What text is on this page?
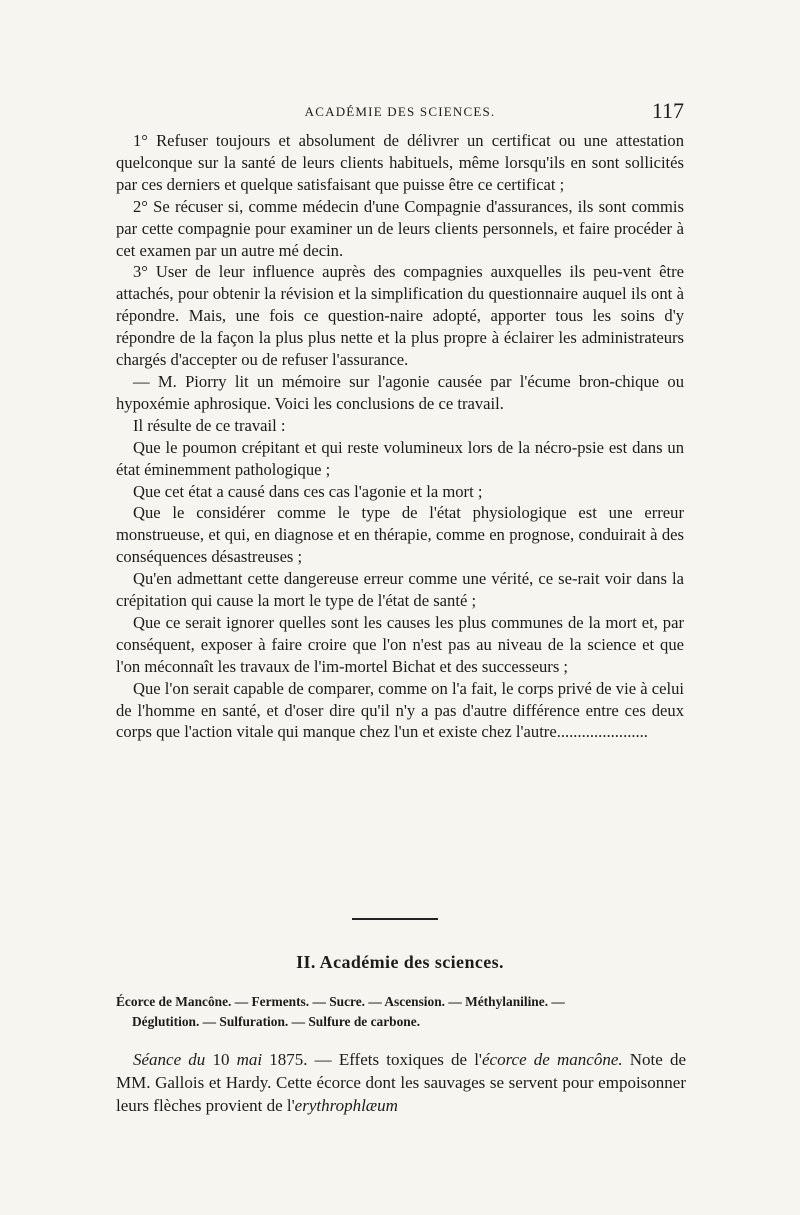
ACADÉMIE DES SCIENCES.	117

1° Refuser toujours et absolument de délivrer un certificat ou une attestation quelconque sur la santé de leurs clients habituels, même lorsqu'ils en sont sollicités par ces derniers et quelque satisfaisant que puisse être ce certificat ;

2° Se récuser si, comme médecin d'une Compagnie d'assurances, ils sont commis par cette compagnie pour examiner un de leurs clients personnels, et faire procéder à cet examen par un autre mé decin.

3° User de leur influence auprès des compagnies auxquelles ils peu-vent être attachés, pour obtenir la révision et la simplification du questionnaire auquel ils ont à répondre. Mais, une fois ce question-naire adopté, apporter tous les soins d'y répondre de la façon la plus plus nette et la plus propre à éclairer les administrateurs chargés d'accepter ou de refuser l'assurance.

— M. Piorry lit un mémoire sur l'agonie causée par l'écume bron-chique ou hypoxémie aphrosique. Voici les conclusions de ce travail.

Il résulte de ce travail :

Que le poumon crépitant et qui reste volumineux lors de la nécro-psie est dans un état éminemment pathologique ;

Que cet état a causé dans ces cas l'agonie et la mort ;

Que le considérer comme le type de l'état physiologique est une erreur monstrueuse, et qui, en diagnose et en thérapie, comme en prognose, conduirait à des conséquences désastreuses ;

Qu'en admettant cette dangereuse erreur comme une vérité, ce se-rait voir dans la crépitation qui cause la mort le type de l'état de santé ;

Que ce serait ignorer quelles sont les causes les plus communes de la mort et, par conséquent, exposer à faire croire que l'on n'est pas au niveau de la science et que l'on méconnaît les travaux de l'im-mortel Bichat et des successeurs ;

Que l'on serait capable de comparer, comme on l'a fait, le corps privé de vie à celui de l'homme en santé, et d'oser dire qu'il n'y a pas d'autre différence entre ces deux corps que l'action vitale qui manque chez l'un et existe chez l'autre......................

II. Académie des sciences.
Écorce de Mancône. — Ferments. — Sucre. — Ascension. — Méthylaniline. —
Déglutition. — Sulfuration. — Sulfure de carbone.

Séance du 10 mai 1875. — Effets toxiques de l'écorce de mancône. Note de MM. Gallois et Hardy. Cette écorce dont les sauvages se servent pour empoisonner leurs flèches provient de l'erythrophlæum
